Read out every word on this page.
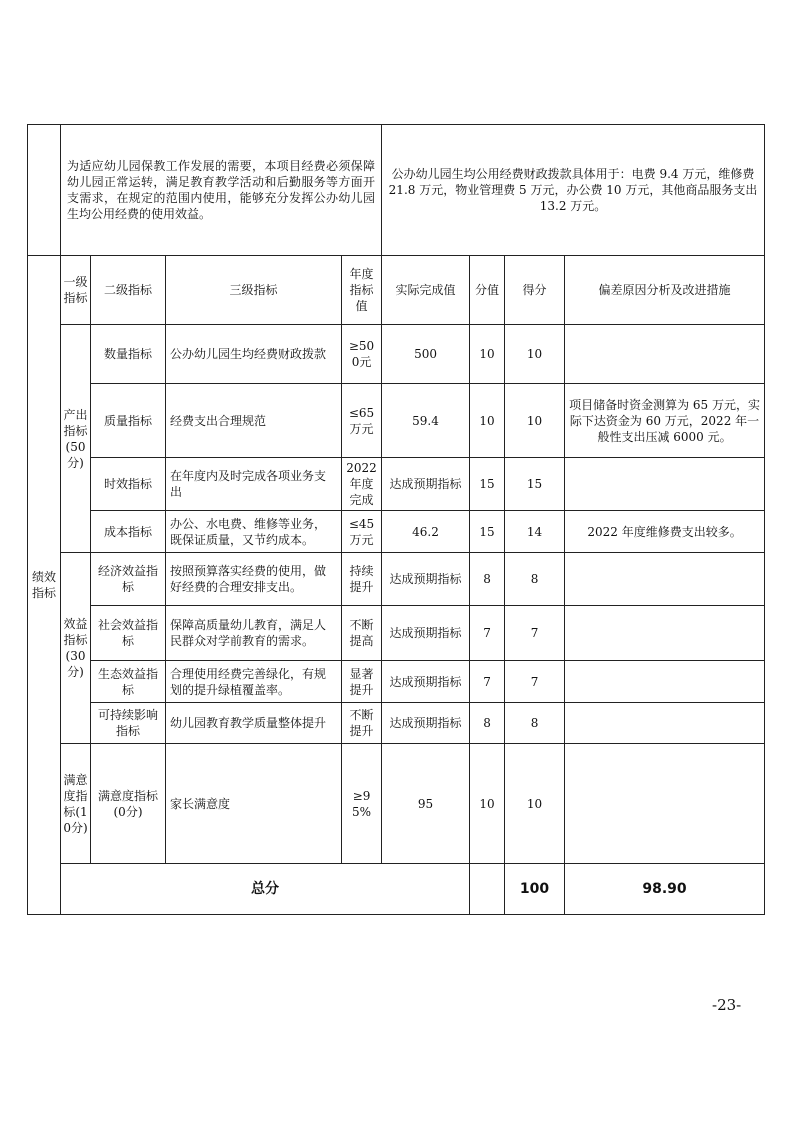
	为适应幼儿园保教工作发展的需要，本项目经费必须保障幼儿园正常运转，满足教育教学活动和后勤服务等方面开支需求，在规定的范围内使用，能够充分发挥公办幼儿园生均公用经费的使用效益。				公办幼儿园生均公用经费财政拨款具体用于：电费 9.4 万元，维修费 21.8 万元，物业管理费 5 万元，办公费 10 万元，其他商品服务支出 13.2 万元。				
绩效指标	一级指标	二级指标	三级指标	年度指标值	实际完成值	分值	得分	偏差原因分析及改进措施	
	产出指标(50分)	数量指标	公办幼儿园生均经费财政拨款	≥500元	500	10	10		
		质量指标	经费支出合理规范	≤65万元	59.4	10	10	项目储备时资金测算为 65 万元，实际下达资金为 60 万元，2022 年一般性支出压减 6000 元。	
		时效指标	在年度内及时完成各项业务支出	2022年度完成	达成预期指标	15	15		
		成本指标	办公、水电费、维修等业务，既保证质量，又节约成本。	≤45万元	46.2	15	14	2022 年度维修费支出较多。	
	效益指标(30分)	经济效益指标	按照预算落实经费的使用，做好经费的合理安排支出。	持续提升	达成预期指标	8	8		
		社会效益指标	保障高质量幼儿教育，满足人民群众对学前教育的需求。	不断提高	达成预期指标	7	7		
		生态效益指标	合理使用经费完善绿化，有规划的提升绿植覆盖率。	显著提升	达成预期指标	7	7		
		可持续影响指标	幼儿园教育教学质量整体提升	不断提升	达成预期指标	8	8		
	满意度指标(10分)	满意度指标(0分)	家长满意度	≥95%	95	10	10		
	总分						100	98.90	
-23-
